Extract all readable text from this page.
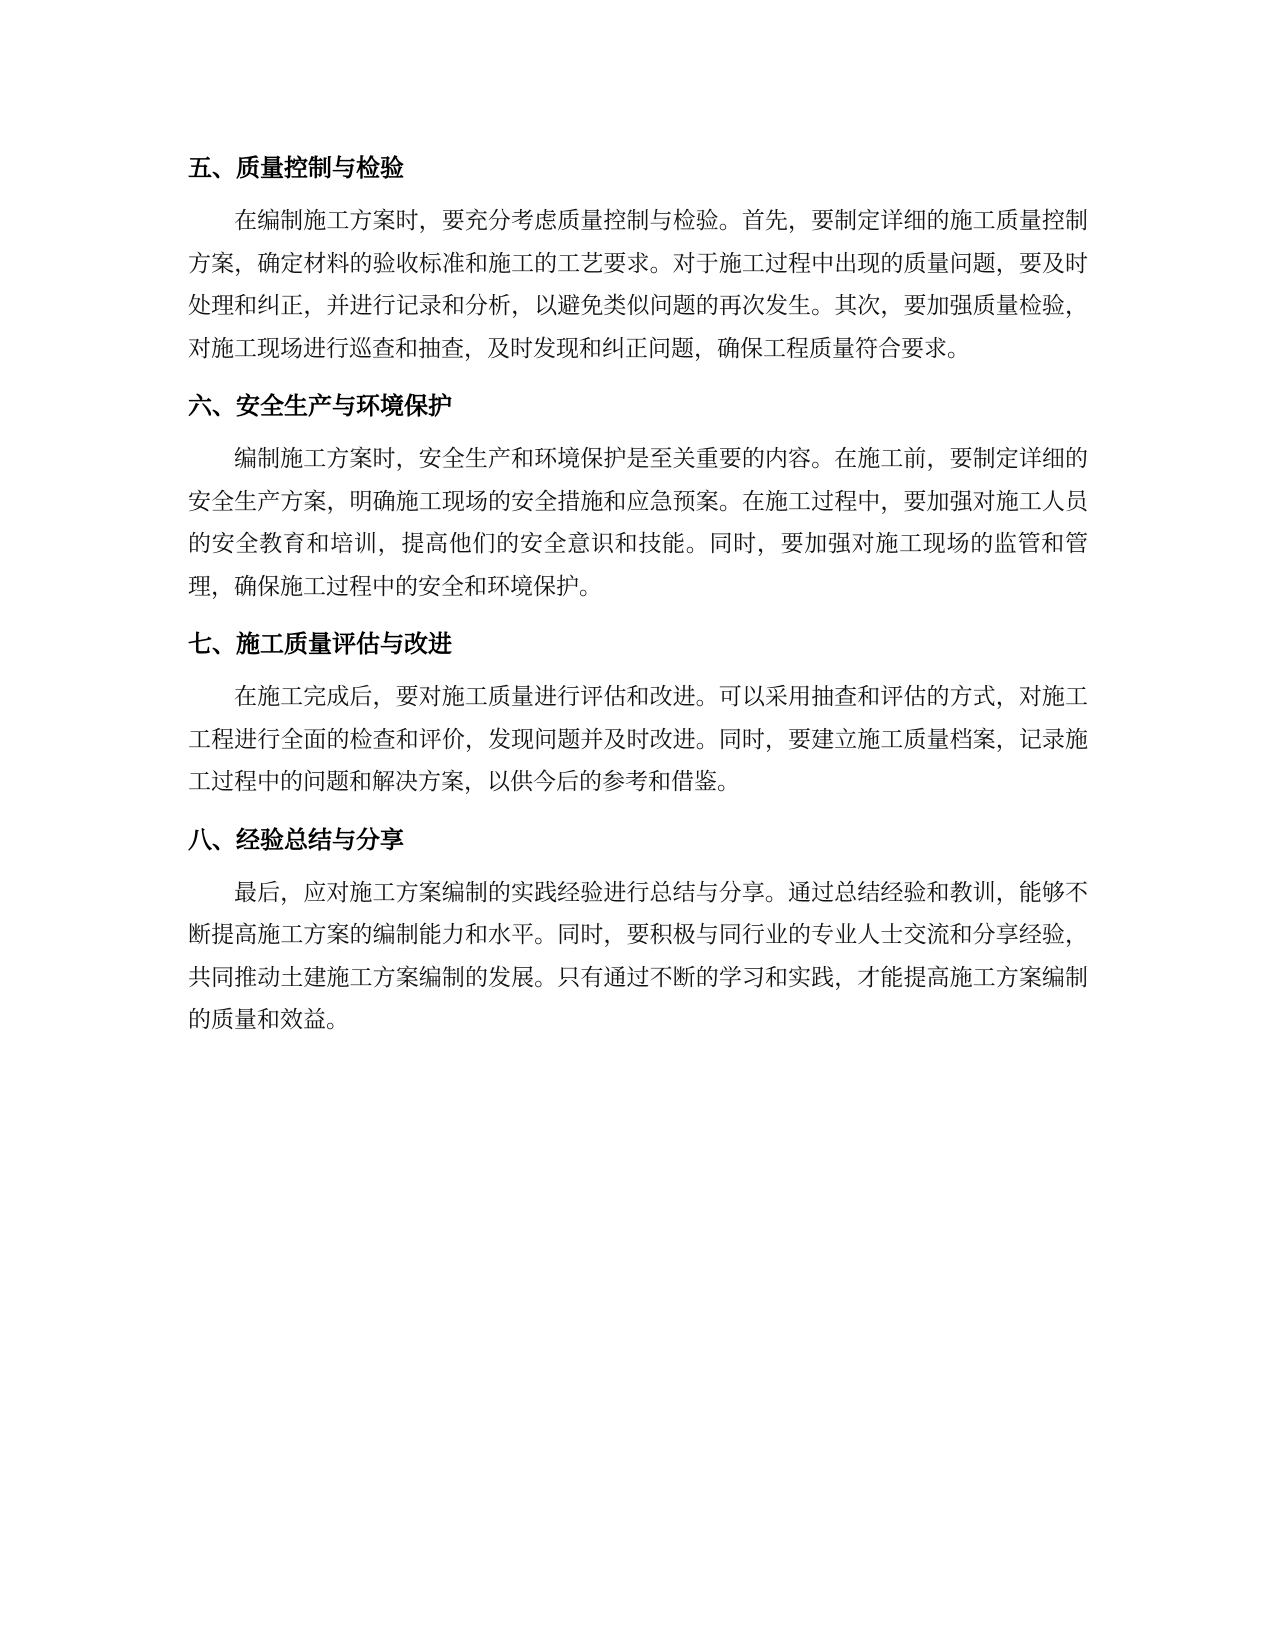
五、质量控制与检验

在编制施工方案时，要充分考虑质量控制与检验。首先，要制定详细的施工质量控制方案，确定材料的验收标准和施工的工艺要求。对于施工过程中出现的质量问题，要及时处理和纠正，并进行记录和分析，以避免类似问题的再次发生。其次，要加强质量检验，对施工现场进行巡查和抽查，及时发现和纠正问题，确保工程质量符合要求。

六、安全生产与环境保护

编制施工方案时，安全生产和环境保护是至关重要的内容。在施工前，要制定详细的安全生产方案，明确施工现场的安全措施和应急预案。在施工过程中，要加强对施工人员的安全教育和培训，提高他们的安全意识和技能。同时，要加强对施工现场的监管和管理，确保施工过程中的安全和环境保护。

七、施工质量评估与改进

在施工完成后，要对施工质量进行评估和改进。可以采用抽查和评估的方式，对施工工程进行全面的检查和评价，发现问题并及时改进。同时，要建立施工质量档案，记录施工过程中的问题和解决方案，以供今后的参考和借鉴。

八、经验总结与分享

最后，应对施工方案编制的实践经验进行总结与分享。通过总结经验和教训，能够不断提高施工方案的编制能力和水平。同时，要积极与同行业的专业人士交流和分享经验，共同推动土建施工方案编制的发展。只有通过不断的学习和实践，才能提高施工方案编制的质量和效益。
